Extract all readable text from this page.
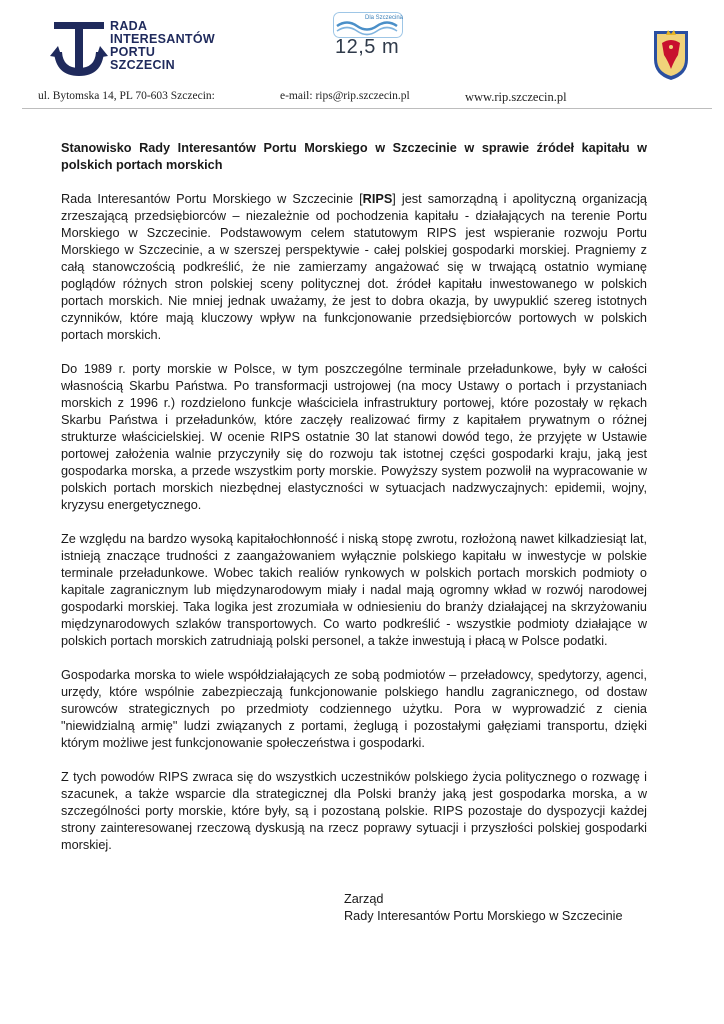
RADA
INTERESANTÓW
PORTU
SZCZECIN
Dla Szczecina
12,5 m
ul. Bytomska 14, PL 70-603 Szczecin:	e-mail: rips@rip.szczecin.pl	www.rip.szczecin.pl

Stanowisko Rady Interesantów Portu Morskiego w Szczecinie w sprawie źródeł kapitału w polskich portach morskich

Rada Interesantów Portu Morskiego w Szczecinie [RIPS] jest samorządną i apolityczną organizacją zrzeszającą przedsiębiorców – niezależnie od pochodzenia kapitału - działających na terenie Portu Morskiego w Szczecinie. Podstawowym celem statutowym RIPS jest wspieranie rozwoju Portu Morskiego w Szczecinie, a w szerszej perspektywie - całej polskiej gospodarki morskiej. Pragniemy z całą stanowczością podkreślić, że nie zamierzamy angażować się w trwającą ostatnio wymianę poglądów różnych stron polskiej sceny politycznej dot. źródeł kapitału inwestowanego w polskich portach morskich. Nie mniej jednak uważamy, że jest to dobra okazja, by uwypuklić szereg istotnych czynników, które mają kluczowy wpływ na funkcjonowanie przedsiębiorców portowych w polskich portach morskich.

Do 1989 r. porty morskie w Polsce, w tym poszczególne terminale przeładunkowe, były w całości własnością Skarbu Państwa. Po transformacji ustrojowej (na mocy Ustawy o portach i przystaniach morskich z 1996 r.) rozdzielono funkcje właściciela infrastruktury portowej, które pozostały w rękach Skarbu Państwa i przeładunków, które zaczęły realizować firmy z kapitałem prywatnym o różnej strukturze właścicielskiej. W ocenie RIPS ostatnie 30 lat stanowi dowód tego, że przyjęte w Ustawie portowej założenia walnie przyczyniły się do rozwoju tak istotnej części gospodarki kraju, jaką jest gospodarka morska, a przede wszystkim porty morskie. Powyższy system pozwolił na wypracowanie w polskich portach morskich niezbędnej elastyczności w sytuacjach nadzwyczajnych: epidemii, wojny, kryzysu energetycznego.

Ze względu na bardzo wysoką kapitałochłonność i niską stopę zwrotu, rozłożoną nawet kilkadziesiąt lat, istnieją znaczące trudności z zaangażowaniem wyłącznie polskiego kapitału w inwestycje w polskie terminale przeładunkowe. Wobec takich realiów rynkowych w polskich portach morskich podmioty o kapitale zagranicznym lub międzynarodowym miały i nadal mają ogromny wkład w rozwój narodowej gospodarki morskiej. Taka logika jest zrozumiała w odniesieniu do branży działającej na skrzyżowaniu międzynarodowych szlaków transportowych. Co warto podkreślić - wszystkie podmioty działające w polskich portach morskich zatrudniają polski personel, a także inwestują i płacą w Polsce podatki.

Gospodarka morska to wiele współdziałających ze sobą podmiotów – przeładowcy, spedytorzy, agenci, urzędy, które wspólnie zabezpieczają funkcjonowanie polskiego handlu zagranicznego, od dostaw surowców strategicznych po przedmioty codziennego użytku. Pora w wyprowadzić z cienia "niewidzialną armię" ludzi związanych z portami, żeglugą i pozostałymi gałęziami transportu, dzięki którym możliwe jest funkcjonowanie społeczeństwa i gospodarki.

Z tych powodów RIPS zwraca się do wszystkich uczestników polskiego życia politycznego o rozwagę i szacunek, a także wsparcie dla strategicznej dla Polski branży jaką jest gospodarka morska, a w szczególności porty morskie, które były, są i pozostaną polskie. RIPS pozostaje do dyspozycji każdej strony zainteresowanej rzeczową dyskusją na rzecz poprawy sytuacji i przyszłości polskiej gospodarki morskiej.

Zarząd
Rady Interesantów Portu Morskiego w Szczecinie
